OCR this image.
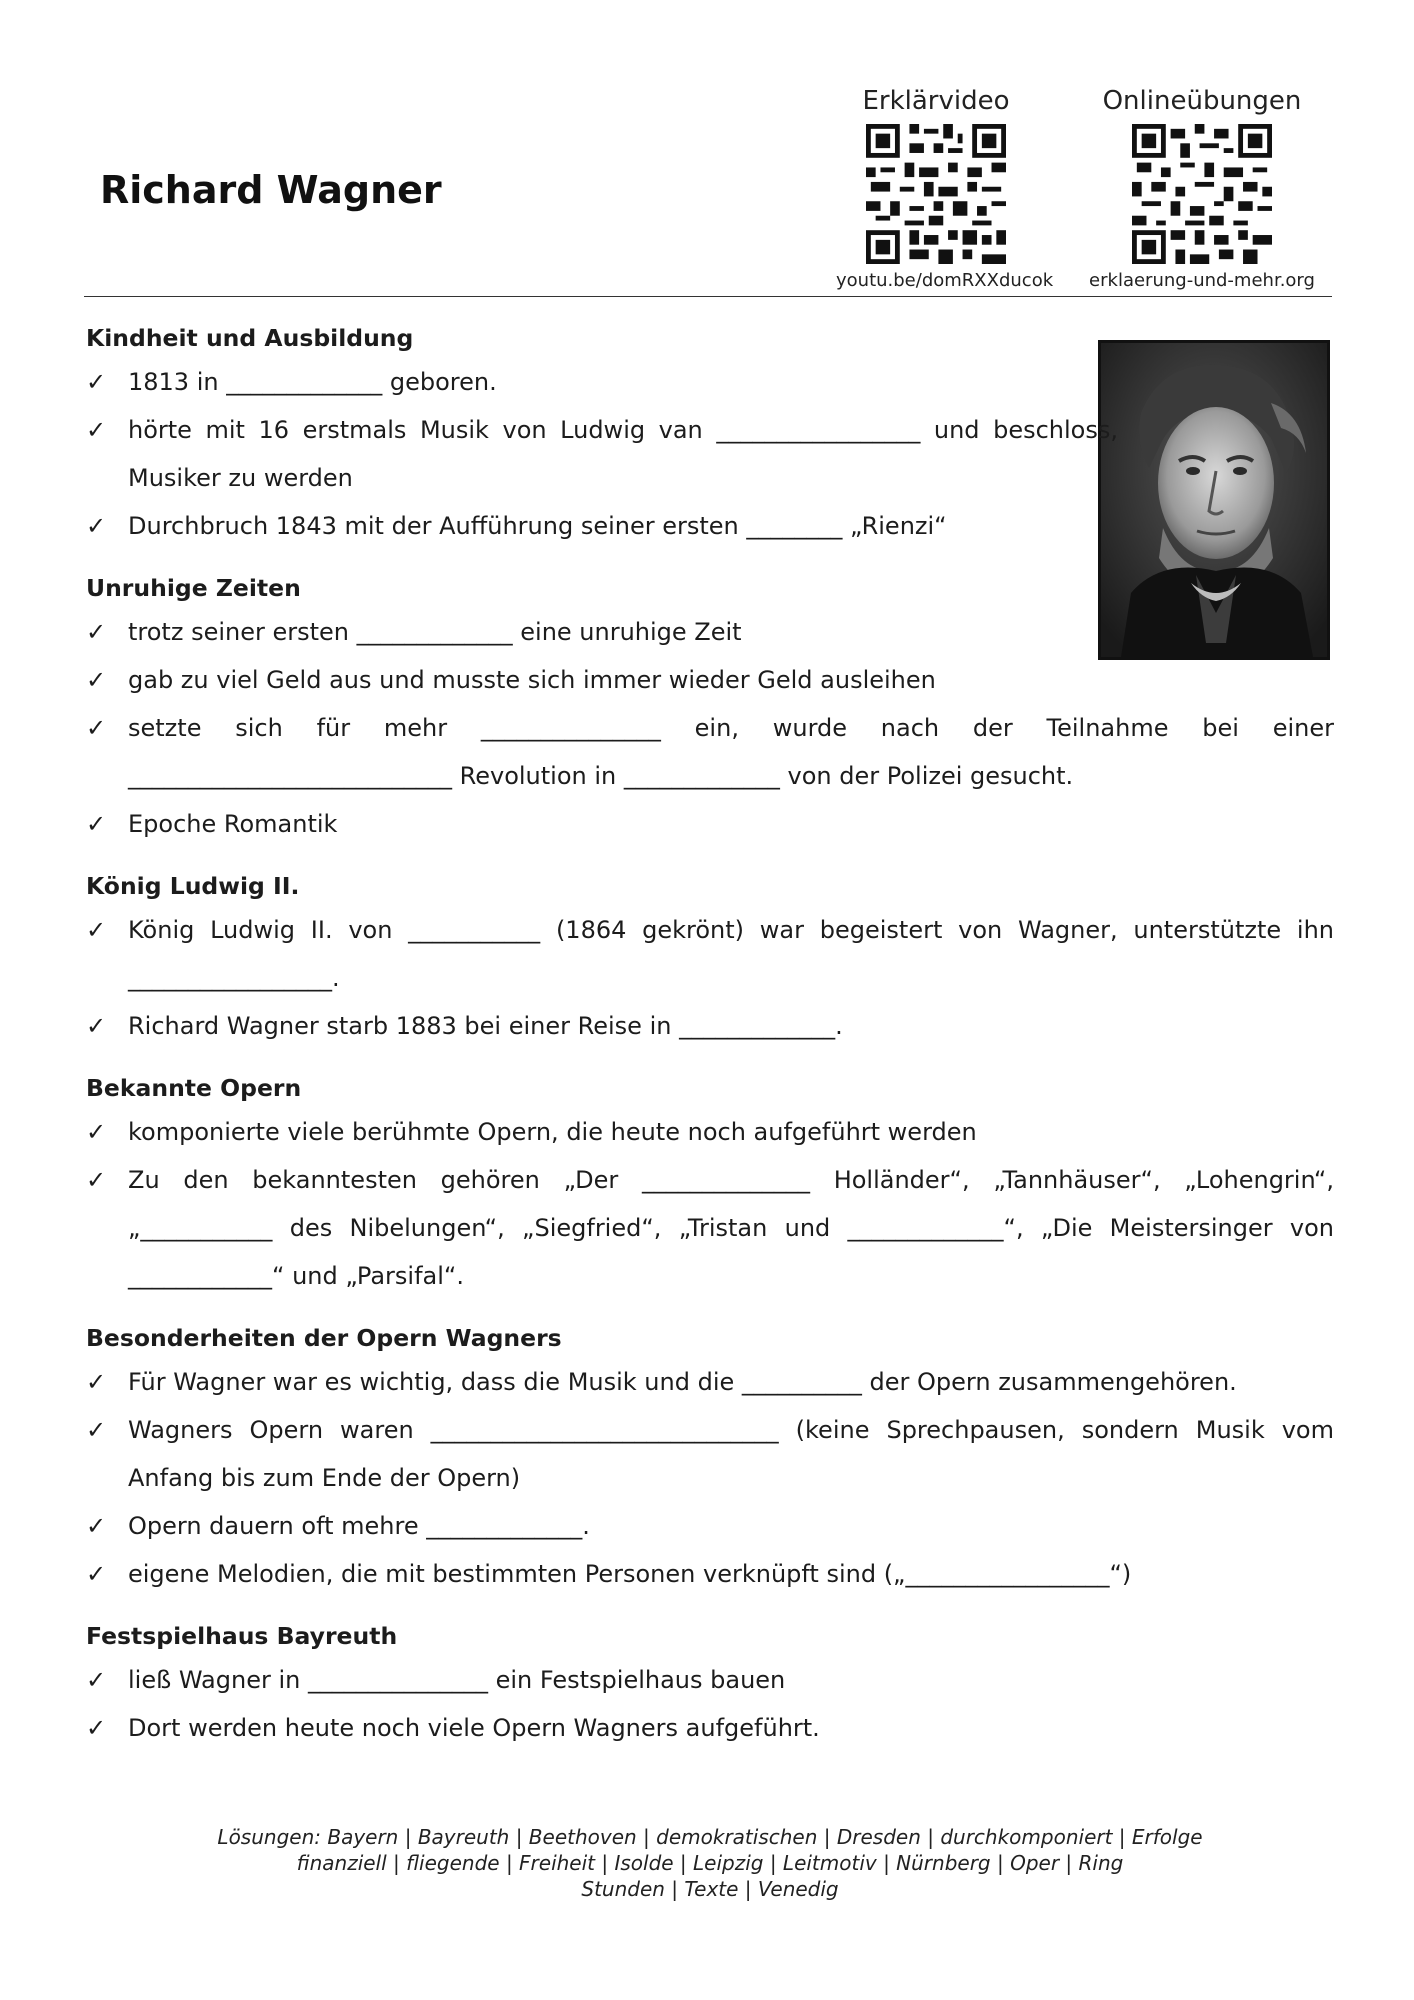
Richard Wagner
Erklärvideo
youtu.be/domRXXducok
Onlineübungen
erklaerung-und-mehr.org
Kindheit und Ausbildung
✓ 1813 in _____________ geboren.
✓ hörte mit 16 erstmals Musik von Ludwig van _________________ und beschloss, Musiker zu werden
✓ Durchbruch 1843 mit der Aufführung seiner ersten ________ „Rienzi“
Unruhige Zeiten
✓ trotz seiner ersten _____________ eine unruhige Zeit
✓ gab zu viel Geld aus und musste sich immer wieder Geld ausleihen
✓ setzte sich für mehr _______________ ein, wurde nach der Teilnahme bei einer ___________________________ Revolution in _____________ von der Polizei gesucht.
✓ Epoche Romantik
König Ludwig II.
✓ König Ludwig II. von ___________ (1864 gekrönt) war begeistert von Wagner, unterstützte ihn _________________.
✓ Richard Wagner starb 1883 bei einer Reise in _____________.
Bekannte Opern
✓ komponierte viele berühmte Opern, die heute noch aufgeführt werden
✓ Zu den bekanntesten gehören „Der ______________ Holländer“, „Tannhäuser“, „Lohengrin“, „___________ des Nibelungen“, „Siegfried“, „Tristan und _____________“, „Die Meistersinger von ____________“ und „Parsifal“.
Besonderheiten der Opern Wagners
✓ Für Wagner war es wichtig, dass die Musik und die __________ der Opern zusammengehören.
✓ Wagners Opern waren _____________________________ (keine Sprechpausen, sondern Musik vom Anfang bis zum Ende der Opern)
✓ Opern dauern oft mehre _____________.
✓ eigene Melodien, die mit bestimmten Personen verknüpft sind („_________________“)
Festspielhaus Bayreuth
✓ ließ Wagner in _______________ ein Festspielhaus bauen
✓ Dort werden heute noch viele Opern Wagners aufgeführt.
Lösungen: Bayern | Bayreuth | Beethoven | demokratischen | Dresden | durchkomponiert | Erfolge
finanziell | fliegende | Freiheit | Isolde | Leipzig | Leitmotiv | Nürnberg | Oper | Ring
Stunden | Texte | Venedig
